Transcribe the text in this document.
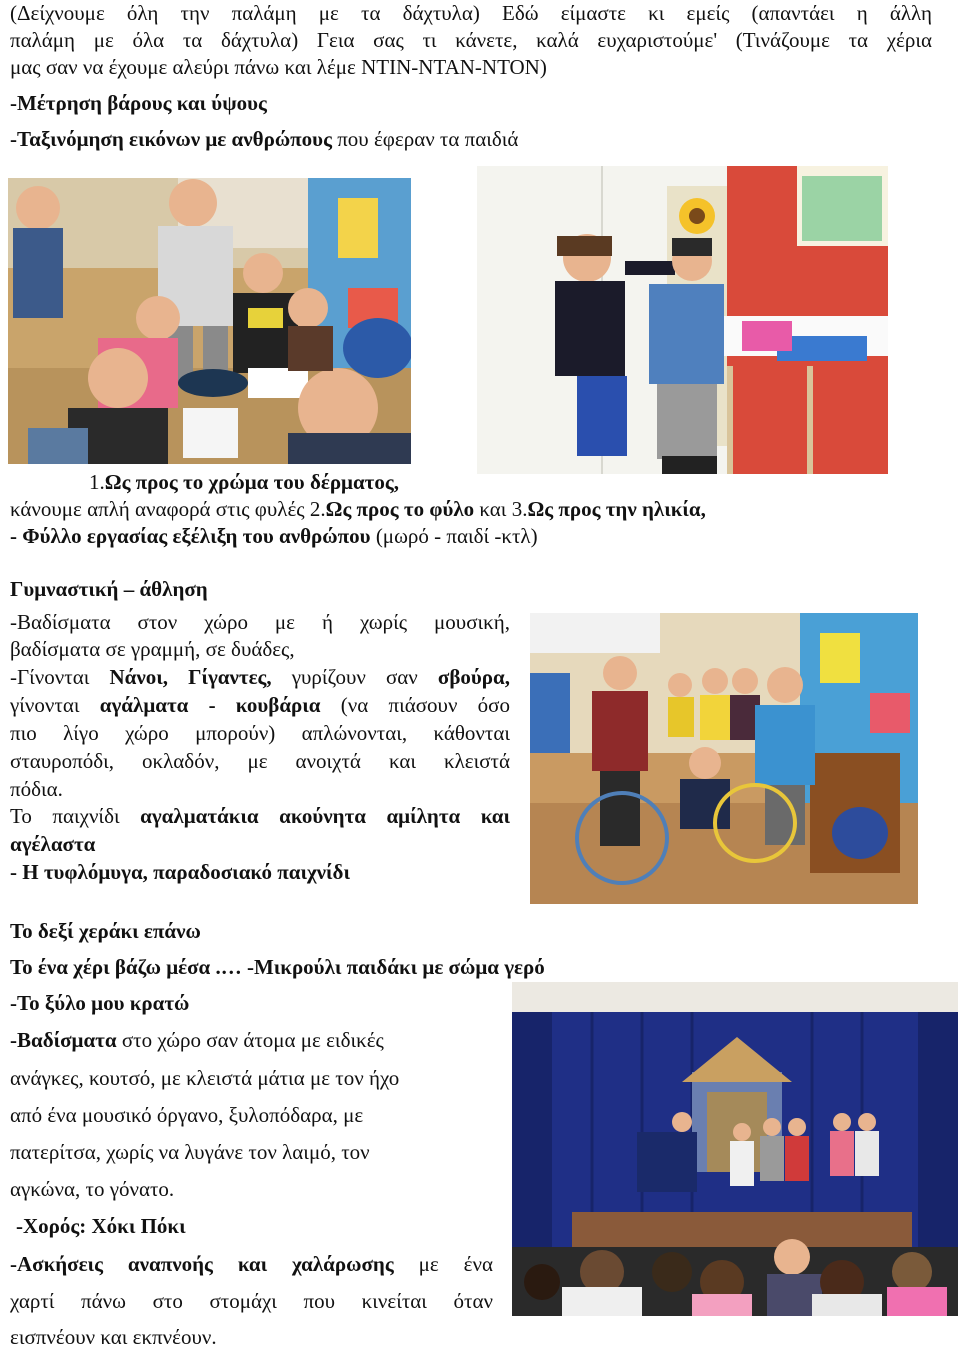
(Δείχνουμε όλη την παλάμη με τα δάχτυλα) Εδώ είμαστε κι εμείς (απαντάει η άλλη
παλάμη με όλα τα δάχτυλα) Γεια σας τι κάνετε, καλά ευχαριστούμε' (Τινάζουμε τα χέρια
μας σαν να έχουμε αλεύρι πάνω και λέμε ΝΤΙΝ-ΝΤΑΝ-ΝΤΟΝ)
-Μέτρηση βάρους και ύψους
-Ταξινόμηση εικόνων με ανθρώπους που έφεραν τα παιδιά
1.Ως προς το χρώμα του δέρματος,
κάνουμε απλή αναφορά στις φυλές 2.Ως προς το φύλο και 3.Ως προς την ηλικία,
- Φύλλο εργασίας εξέλιξη του ανθρώπου (μωρό - παιδί -κτλ)
Γυμναστική – άθληση
-Βαδίσματα στον χώρο με ή χωρίς μουσική,
βαδίσματα σε γραμμή, σε δυάδες,
-Γίνονται Νάνοι, Γίγαντες, γυρίζουν σαν σβούρα,
γίνονται αγάλματα - κουβάρια (να πιάσουν όσο
πιο λίγο χώρο μπορούν) απλώνονται, κάθονται
σταυροπόδι, οκλαδόν, με ανοιχτά και κλειστά
πόδια.
Το παιχνίδι αγαλματάκια ακούνητα αμίλητα και
αγέλαστα
- Η τυφλόμυγα, παραδοσιακό παιχνίδι
Το δεξί χεράκι επάνω
Το ένα χέρι βάζω μέσα .… -Μικρούλι παιδάκι με σώμα γερό
-Το ξύλο μου κρατώ
-Βαδίσματα στο χώρο σαν άτομα με ειδικές
ανάγκες, κουτσό, με κλειστά μάτια με τον ήχο
από ένα μουσικό όργανο, ξυλοπόδαρα, με
πατερίτσα, χωρίς να λυγάνε τον λαιμό, τον
αγκώνα, το γόνατο.
-Χορός: Χόκι Πόκι
-Ασκήσεις αναπνοής και χαλάρωσης με ένα
χαρτί πάνω στο στομάχι που κινείται όταν
εισπνέουν και εκπνέουν.
